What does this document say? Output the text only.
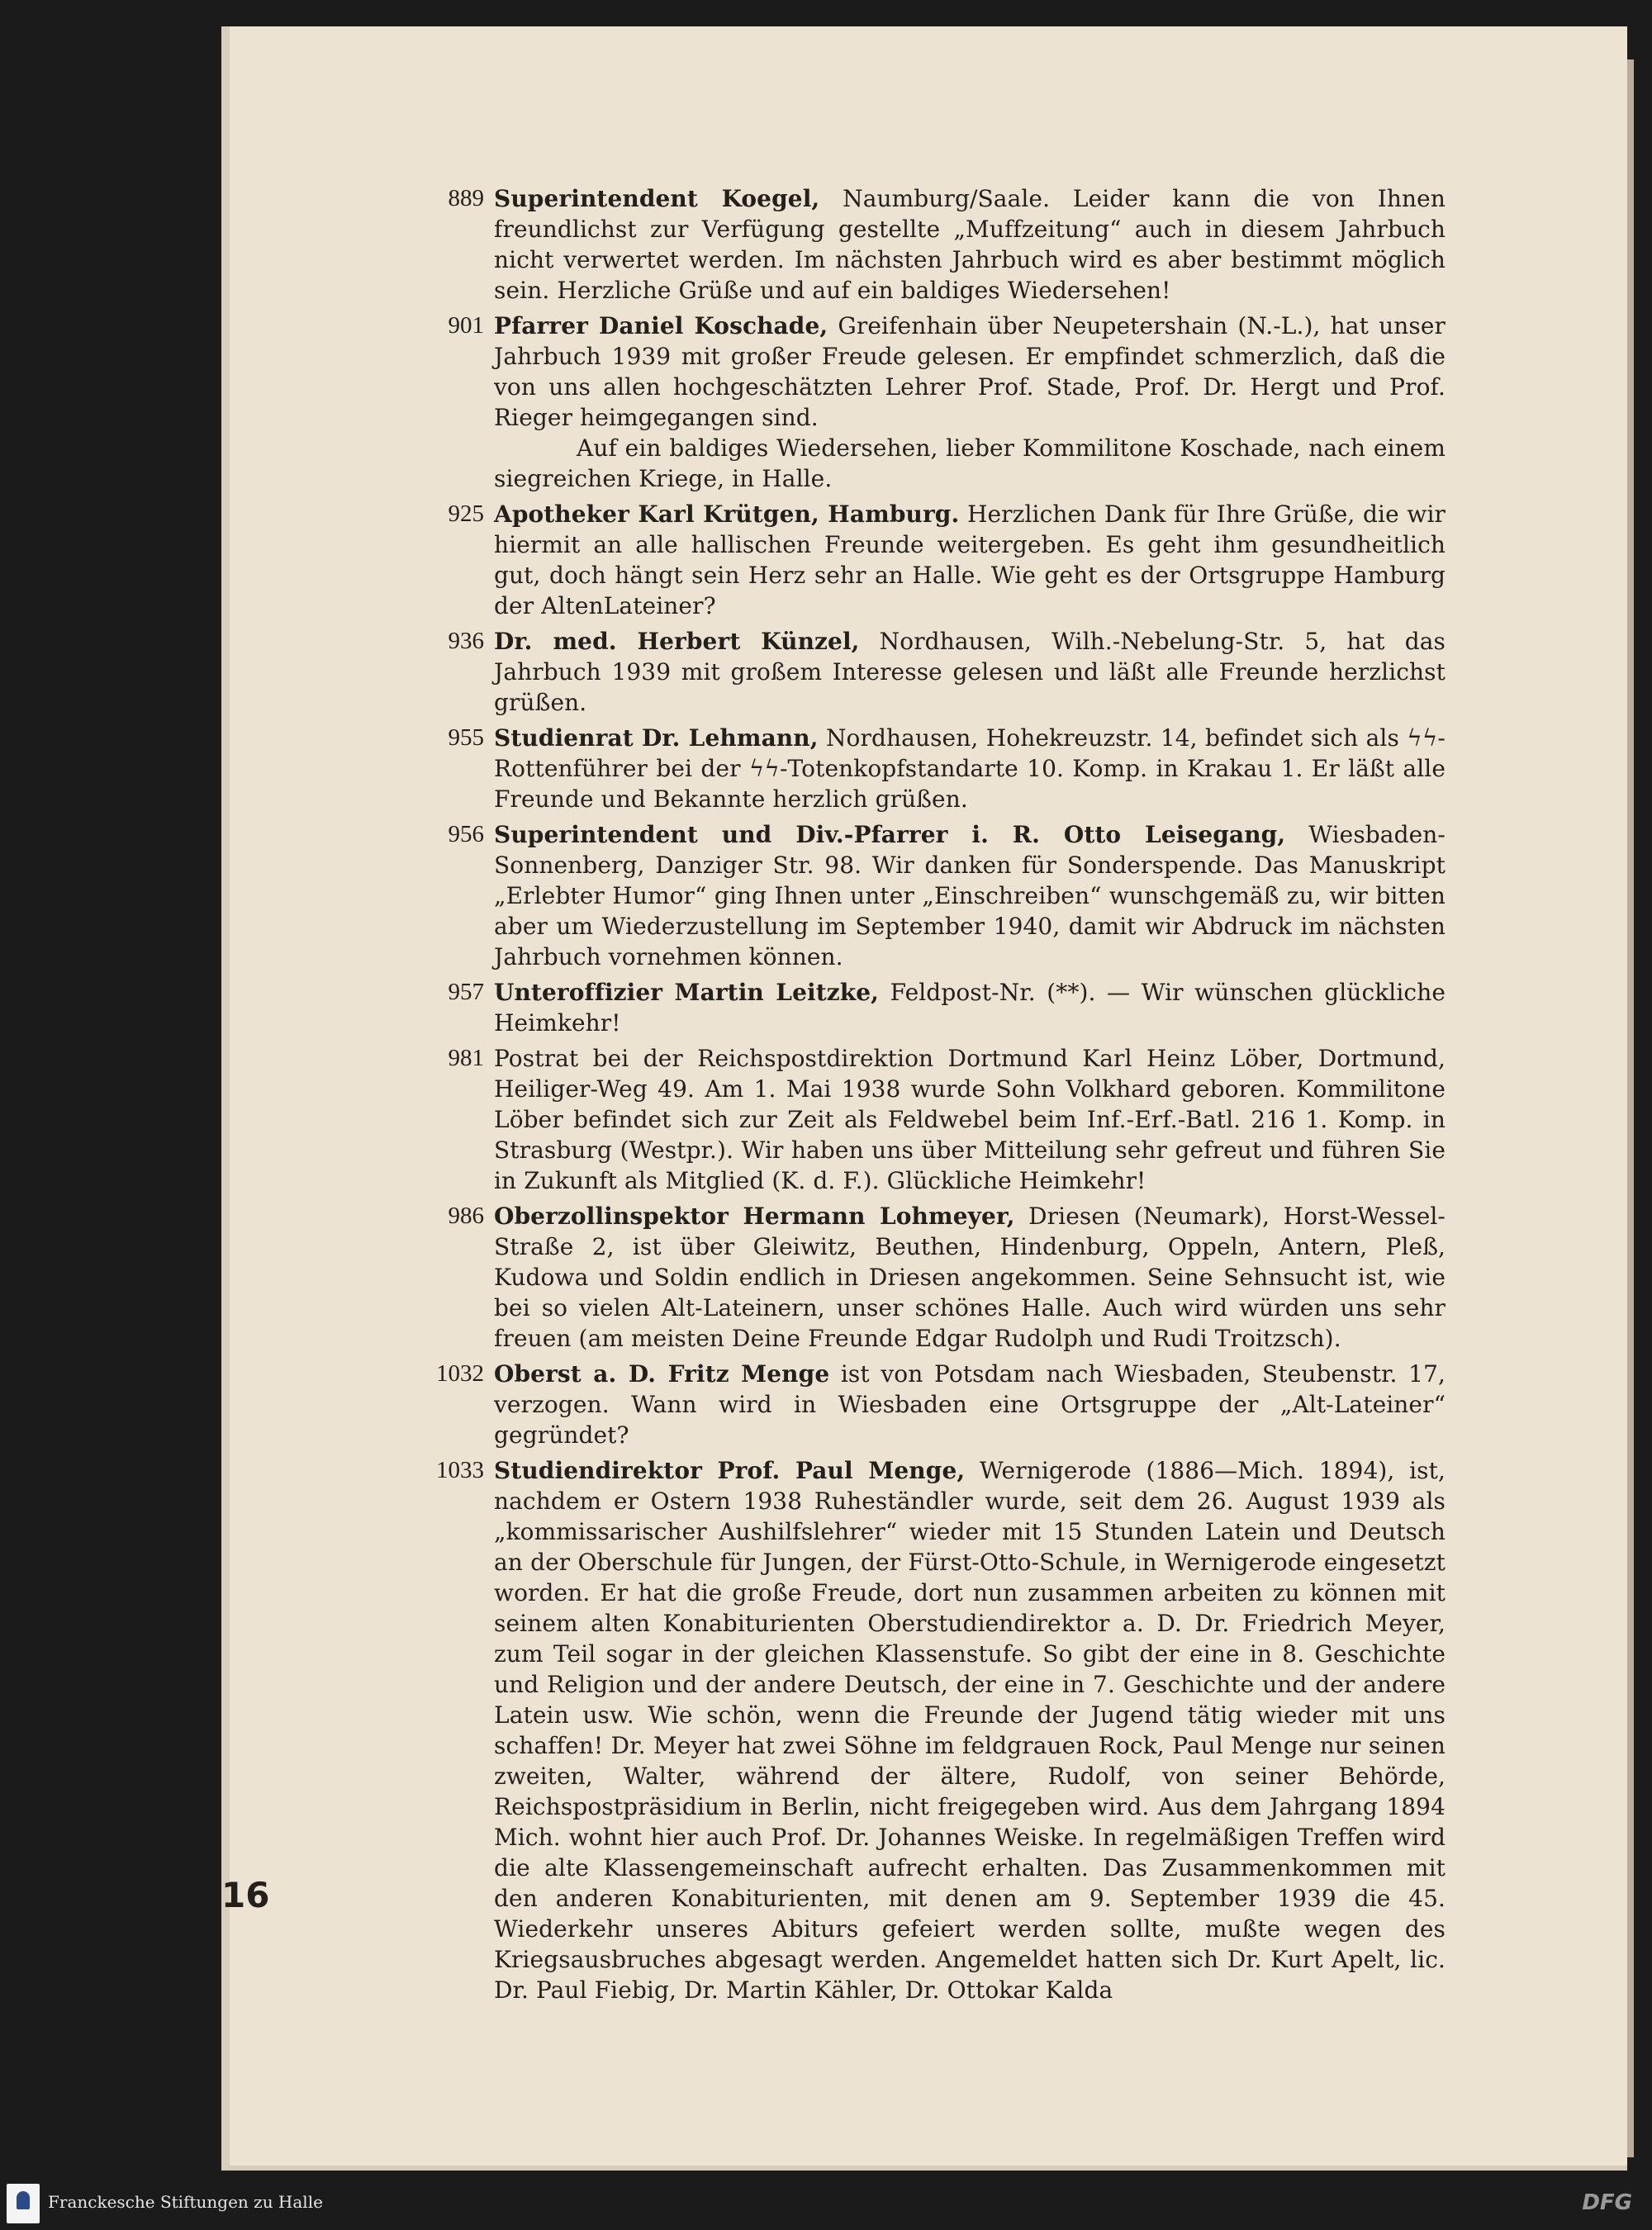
889 Superintendent Koegel, Naumburg/Saale. Leider kann die von Ihnen freundlichst zur Verfügung gestellte „Muffzeitung“ auch in diesem Jahrbuch nicht verwertet werden. Im nächsten Jahrbuch wird es aber bestimmt möglich sein. Herzliche Grüße und auf ein baldiges Wiedersehen!

901 Pfarrer Daniel Koschade, Greifenhain über Neupetershain (N.-L.), hat unser Jahrbuch 1939 mit großer Freude gelesen. Er empfindet schmerzlich, daß die von uns allen hochgeschätzten Lehrer Prof. Stade, Prof. Dr. Hergt und Prof. Rieger heimgegangen sind.

Auf ein baldiges Wiedersehen, lieber Kommilitone Koschade, nach einem siegreichen Kriege, in Halle.

925 Apotheker Karl Krütgen, Hamburg. Herzlichen Dank für Ihre Grüße, die wir hiermit an alle hallischen Freunde weitergeben. Es geht ihm gesundheitlich gut, doch hängt sein Herz sehr an Halle. Wie geht es der Ortsgruppe Hamburg der AltenLateiner?

936 Dr. med. Herbert Künzel, Nordhausen, Wilh.-Nebelung-Str. 5, hat das Jahrbuch 1939 mit großem Interesse gelesen und läßt alle Freunde herzlichst grüßen.

955 Studienrat Dr. Lehmann, Nordhausen, Hohekreuzstr. 14, befindet sich als ϟϟ-Rottenführer bei der ϟϟ-Totenkopfstandarte 10. Komp. in Krakau 1. Er läßt alle Freunde und Bekannte herzlich grüßen.

956 Superintendent und Div.-Pfarrer i. R. Otto Leisegang, Wiesbaden-Sonnenberg, Danziger Str. 98. Wir danken für Sonderspende. Das Manuskript „Erlebter Humor“ ging Ihnen unter „Einschreiben“ wunschgemäß zu, wir bitten aber um Wiederzustellung im September 1940, damit wir Abdruck im nächsten Jahrbuch vornehmen können.

957 Unteroffizier Martin Leitzke, Feldpost-Nr. (**). — Wir wünschen glückliche Heimkehr!

981 Postrat bei der Reichspostdirektion Dortmund Karl Heinz Löber, Dortmund, Heiliger-Weg 49. Am 1. Mai 1938 wurde Sohn Volkhard geboren. Kommilitone Löber befindet sich zur Zeit als Feldwebel beim Inf.-Erf.-Batl. 216 1. Komp. in Strasburg (Westpr.). Wir haben uns über Mitteilung sehr gefreut und führen Sie in Zukunft als Mitglied (K. d. F.). Glückliche Heimkehr!

986 Oberzollinspektor Hermann Lohmeyer, Driesen (Neumark), Horst-Wessel-Straße 2, ist über Gleiwitz, Beuthen, Hindenburg, Oppeln, Antern, Pleß, Kudowa und Soldin endlich in Driesen angekommen. Seine Sehnsucht ist, wie bei so vielen Alt-Lateinern, unser schönes Halle. Auch wird würden uns sehr freuen (am meisten Deine Freunde Edgar Rudolph und Rudi Troitzsch).

1032 Oberst a. D. Fritz Menge ist von Potsdam nach Wiesbaden, Steubenstr. 17, verzogen. Wann wird in Wiesbaden eine Ortsgruppe der „Alt-Lateiner“ gegründet?

1033 Studiendirektor Prof. Paul Menge, Wernigerode (1886—Mich. 1894), ist, nachdem er Ostern 1938 Ruheständler wurde, seit dem 26. August 1939 als „kommissarischer Aushilfslehrer“ wieder mit 15 Stunden Latein und Deutsch an der Oberschule für Jungen, der Fürst-Otto-Schule, in Wernigerode eingesetzt worden. Er hat die große Freude, dort nun zusammen arbeiten zu können mit seinem alten Konabiturienten Oberstudiendirektor a. D. Dr. Friedrich Meyer, zum Teil sogar in der gleichen Klassenstufe. So gibt der eine in 8. Geschichte und Religion und der andere Deutsch, der eine in 7. Geschichte und der andere Latein usw. Wie schön, wenn die Freunde der Jugend tätig wieder mit uns schaffen! Dr. Meyer hat zwei Söhne im feldgrauen Rock, Paul Menge nur seinen zweiten, Walter, während der ältere, Rudolf, von seiner Behörde, Reichspostpräsidium in Berlin, nicht freigegeben wird. Aus dem Jahrgang 1894 Mich. wohnt hier auch Prof. Dr. Johannes Weiske. In regelmäßigen Treffen wird die alte Klassengemeinschaft aufrecht erhalten. Das Zusammenkommen mit den anderen Konabiturienten, mit denen am 9. September 1939 die 45. Wiederkehr unseres Abiturs gefeiert werden sollte, mußte wegen des Kriegsausbruches abgesagt werden. Angemeldet hatten sich Dr. Kurt Apelt, lic. Dr. Paul Fiebig, Dr. Martin Kähler, Dr. Ottokar Kalda

16
Franckesche Stiftungen zu Halle	DFG
